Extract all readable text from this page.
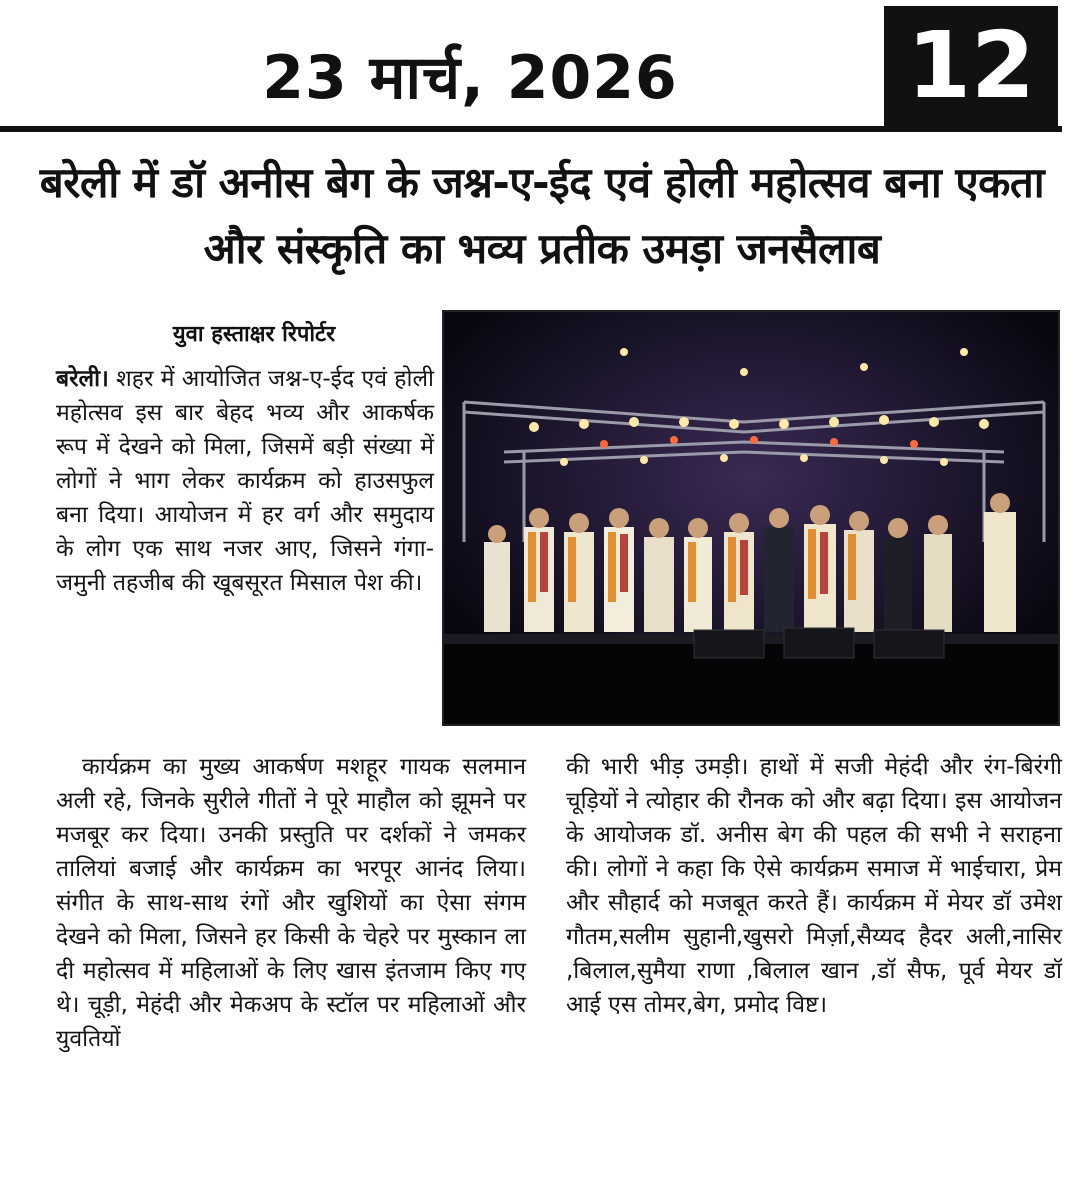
23 मार्च, 2026	12
बरेली में डॉ अनीस बेग के जश्न-ए-ईद एवं होली महोत्सव बना एकता और संस्कृति का भव्य प्रतीक उमड़ा जनसैलाब
युवा हस्ताक्षर रिपोर्टर
बरेली। शहर में आयोजित जश्न-ए-ईद एवं होली महोत्सव इस बार बेहद भव्य और आकर्षक रूप में देखने को मिला, जिसमें बड़ी संख्या में लोगों ने भाग लेकर कार्यक्रम को हाउसफुल बना दिया। आयोजन में हर वर्ग और समुदाय के लोग एक साथ नजर आए, जिसने गंगा-जमुनी तहजीब की खूबसूरत मिसाल पेश की।
कार्यक्रम का मुख्य आकर्षण मशहूर गायक सलमान अली रहे, जिनके सुरीले गीतों ने पूरे माहौल को झूमने पर मजबूर कर दिया। उनकी प्रस्तुति पर दर्शकों ने जमकर तालियां बजाई और कार्यक्रम का भरपूर आनंद लिया। संगीत के साथ-साथ रंगों और खुशियों का ऐसा संगम देखने को मिला, जिसने हर किसी के चेहरे पर मुस्कान ला दी महोत्सव में महिलाओं के लिए खास इंतजाम किए गए थे। चूड़ी, मेहंदी और मेकअप के स्टॉल पर महिलाओं और युवतियों
की भारी भीड़ उमड़ी। हाथों में सजी मेहंदी और रंग-बिरंगी चूड़ियों ने त्योहार की रौनक को और बढ़ा दिया। इस आयोजन के आयोजक डॉ. अनीस बेग की पहल की सभी ने सराहना की। लोगों ने कहा कि ऐसे कार्यक्रम समाज में भाईचारा, प्रेम और सौहार्द को मजबूत करते हैं। कार्यक्रम में मेयर डॉ उमेश गौतम,सलीम सुहानी,खुसरो मिर्ज़ा,सैय्यद हैदर अली,नासिर ,बिलाल,सुमैया राणा ,बिलाल खान ,डॉ सैफ, पूर्व मेयर डॉ आई एस तोमर,बेग, प्रमोद विष्ट।
